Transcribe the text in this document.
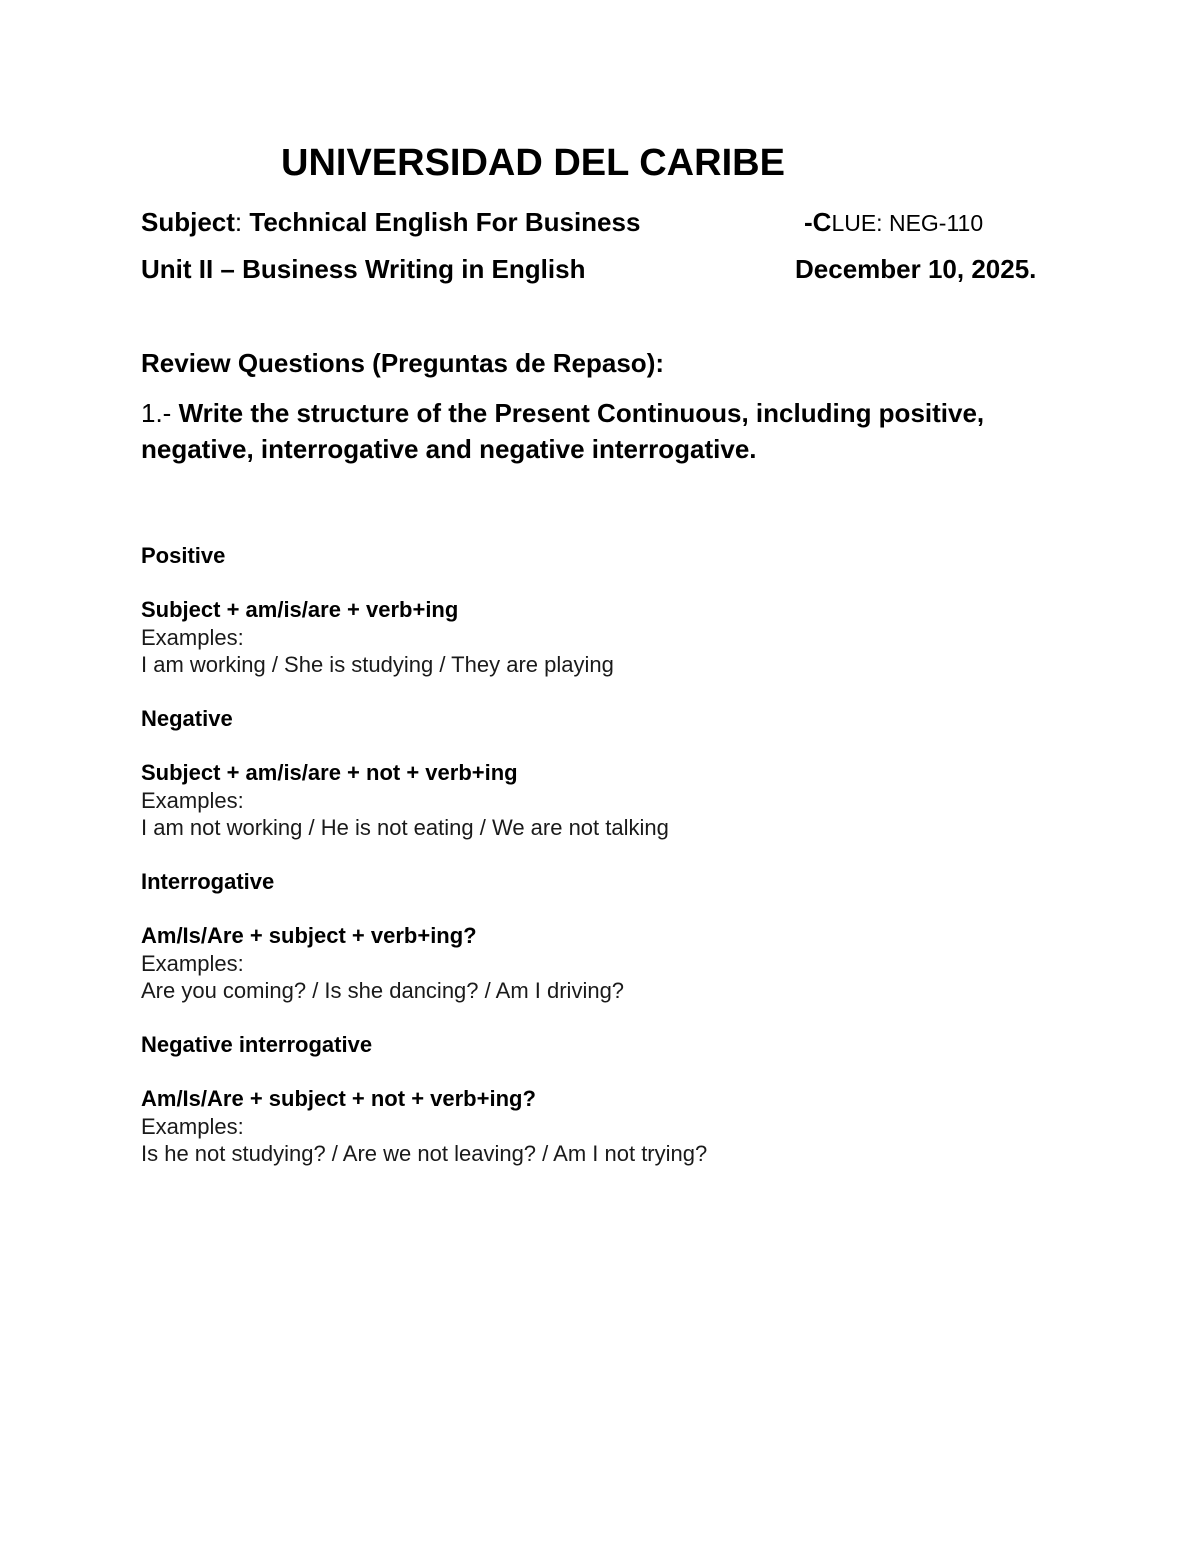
UNIVERSIDAD DEL CARIBE
Subject: Technical English For Business	-CLUE: NEG-110
Unit II – Business Writing in English	December 10, 2025.
Review Questions (Preguntas de Repaso):
1.- Write the structure of the Present Continuous, including positive, negative, interrogative and negative interrogative.
Positive
Subject + am/is/are + verb+ing
Examples:
I am working / She is studying / They are playing
Negative
Subject + am/is/are + not + verb+ing
Examples:
I am not working / He is not eating / We are not talking
Interrogative
Am/Is/Are + subject + verb+ing?
Examples:
Are you coming? / Is she dancing? / Am I driving?
Negative interrogative
Am/Is/Are + subject + not + verb+ing?
Examples:
Is he not studying? / Are we not leaving? / Am I not trying?
